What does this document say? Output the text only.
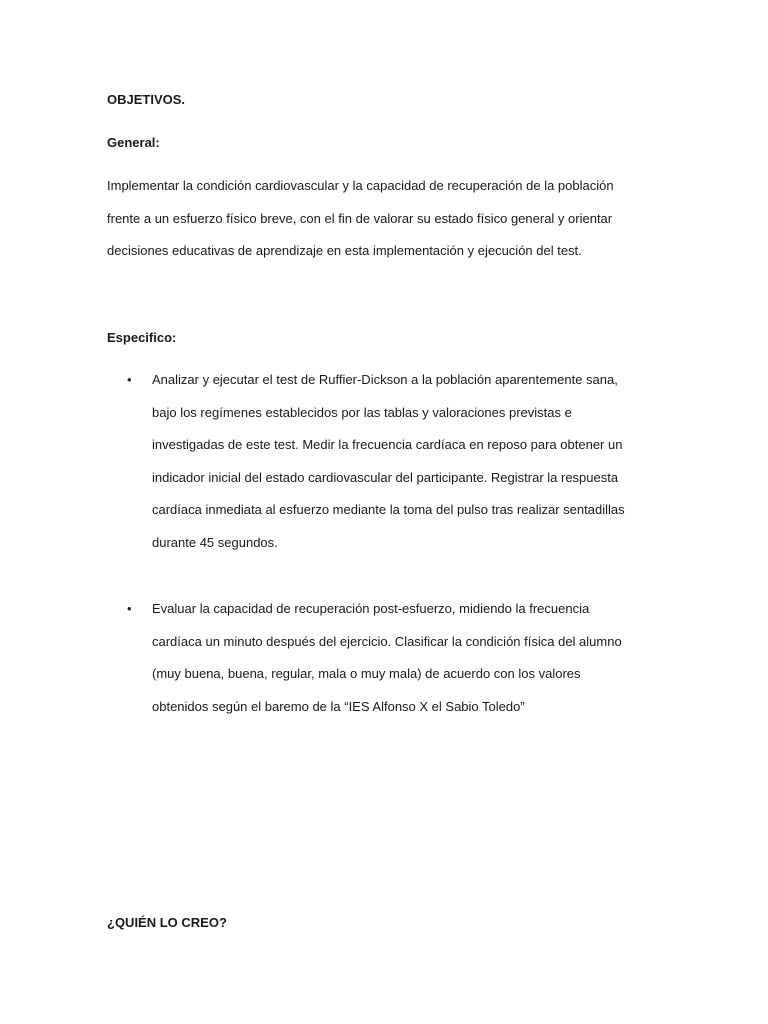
OBJETIVOS.
General:

Implementar la condición cardiovascular y la capacidad de recuperación de la población
frente a un esfuerzo físico breve, con el fin de valorar su estado físico general y orientar
decisiones educativas de aprendizaje en esta implementación y ejecución del test.

Especifico:
• Analizar y ejecutar el test de Ruffier-Dickson a la población aparentemente sana,
bajo los regímenes establecidos por las tablas y valoraciones previstas e
investigadas de este test. Medir la frecuencia cardíaca en reposo para obtener un
indicador inicial del estado cardiovascular del participante. Registrar la respuesta
cardíaca inmediata al esfuerzo mediante la toma del pulso tras realizar sentadillas
durante 45 segundos.
• Evaluar la capacidad de recuperación post-esfuerzo, midiendo la frecuencia
cardíaca un minuto después del ejercicio. Clasificar la condición física del alumno
(muy buena, buena, regular, mala o muy mala) de acuerdo con los valores
obtenidos según el baremo de la “IES Alfonso X el Sabio Toledo”
¿QUIÉN LO CREO?
